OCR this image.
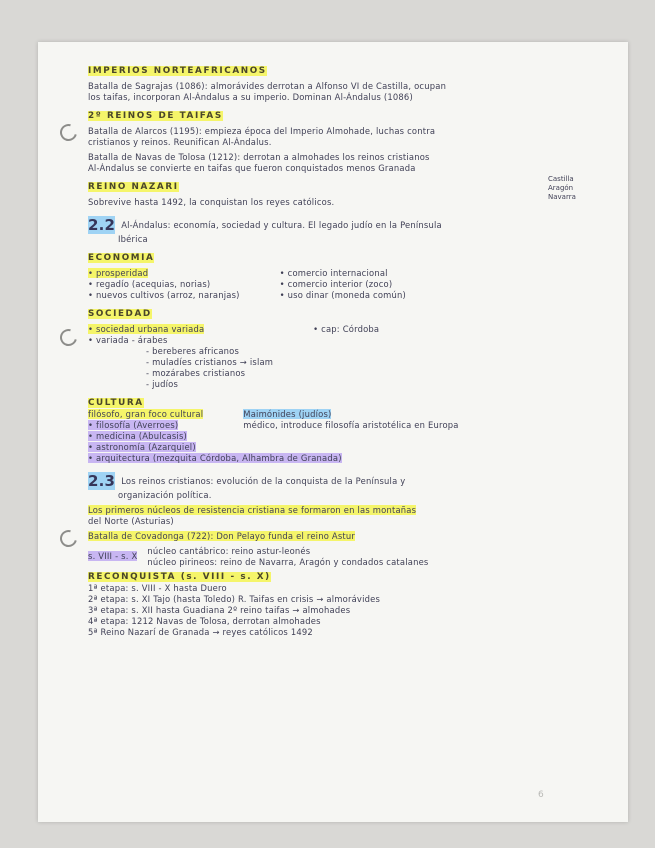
Castilla
Aragón
Navarra

IMPERIOS NORTEAFRICANOS

Batalla de Sagrajas (1086): almorávides derrotan a Alfonso VI de Castilla, ocupan

los taifas, incorporan Al-Ándalus a su imperio. Dominan Al-Ándalus (1086)

2º REINOS DE TAIFAS

Batalla de Alarcos (1195): empieza época del Imperio Almohade, luchas contra

cristianos y reinos. Reunifican Al-Ándalus.

Batalla de Navas de Tolosa (1212): derrotan a almohades los reinos cristianos

Al-Ándalus se convierte en taifas que fueron conquistados menos Granada

REINO NAZARÍ

Sobrevive hasta 1492, la conquistan los reyes católicos.

2.2 Al-Ándalus: economía, sociedad y cultura. El legado judío en la Península

Ibérica

ECONOMÍA

• prosperidad

• regadío (acequias, norias)

• nuevos cultivos (arroz, naranjas)

• comercio internacional

• comercio interior (zoco)

• uso dinar (moneda común)

SOCIEDAD

• sociedad urbana variada

• variada - árabes

- bereberes africanos

- muladíes cristianos → islam

- mozárabes cristianos

- judíos

• cap: Córdoba

CULTURA

filósofo, gran foco cultural

• filosofía (Averroes)

• medicina (Abulcasis)

• astronomía (Azarquiel)

Maimónides (judíos)

médico, introduce filosofía aristotélica en Europa

• arquitectura (mezquita Córdoba, Alhambra de Granada)

2.3 Los reinos cristianos: evolución de la conquista de la Península y

organización política.

Los primeros núcleos de resistencia cristiana se formaron en las montañas

del Norte (Asturias)

Batalla de Covadonga (722): Don Pelayo funda el reino Astur

s. VIII - s. X núcleo cantábrico: reino astur-leonés

núcleo pirineos: reino de Navarra, Aragón y condados catalanes

RECONQUISTA (s. VIII - s. X)

1ª etapa: s. VIII - X hasta Duero

2ª etapa: s. XI Tajo (hasta Toledo) R. Taifas en crisis → almorávides

3ª etapa: s. XII hasta Guadiana 2º reino taifas → almohades

4ª etapa: 1212 Navas de Tolosa, derrotan almohades

5ª Reino Nazarí de Granada → reyes católicos 1492

6
